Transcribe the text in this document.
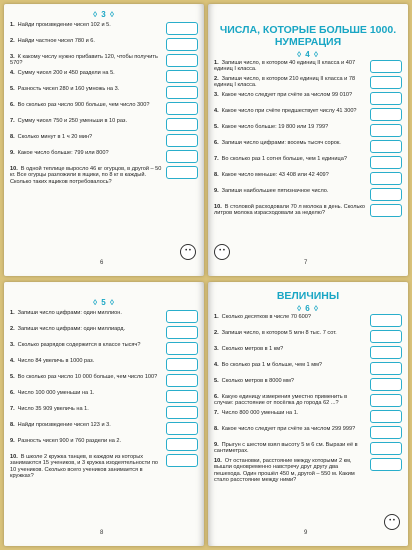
◊ 3 ◊

1. Найди произведение чисел 102 и 5.
2. Найди частное чисел 780 и 6.
3. К какому числу нужно прибавить 120, чтобы получить 570?
4. Сумму чисел 200 и 450 раздели на 5.
5. Разность чисел 280 и 160 умножь на 3.
6. Во сколько раз число 900 больше, чем число 300?
7. Сумму чисел 750 и 250 уменьши в 10 раз.
8. Сколько минут в 1 ч 20 мин?
9. Какое число больше: 799 или 800?
10. В одной теплице выросло 46 кг огурцов, в другой – 50 кг. Все огурцы разложили в ящики, по 8 кг в каждый. Сколько таких ящиков потребовалось?
• •
6

ЧИСЛА, КОТОРЫЕ БОЛЬШЕ 1000. НУМЕРАЦИЯ

◊ 4 ◊

1. Запиши число, в котором 40 единиц II класса и 407 единиц I класса.
2. Запиши число, в котором 210 единиц II класса и 78 единиц I класса.
3. Какое число следует при счёте за числом 99 010?
4. Какое число при счёте предшествует числу 41 300?
5. Какое число больше: 19 800 или 19 799?
6. Запиши число цифрами: восемь тысяч сорок.
7. Во сколько раз 1 сотня больше, чем 1 единица?
8. Какое число меньше: 43 408 или 42 409?
9. Запиши наибольшее пятизначное число.
10. В столовой расходовали 70 л молока в день. Сколько литров молока израсходовали за неделю?
• •
7

◊ 5 ◊

1. Запиши число цифрами: один миллион.
2. Запиши число цифрами: один миллиард.
3. Сколько разрядов содержится в классе тысяч?
4. Число 84 увеличь в 1000 раз.
5. Во сколько раз число 10 000 больше, чем число 100?
6. Число 100 000 уменьши на 1.
7. Число 35 909 увеличь на 1.
8. Найди произведение чисел 123 и 3.
9. Разность чисел 900 и 760 раздели на 2.
10. В школе 2 кружка танцев, в каждом из которых занимаются 15 учеников, и 3 кружка изодеятельности по 10 учеников. Сколько всего учеников занимается в кружках?
8

ВЕЛИЧИНЫ

◊ 6 ◊

1. Сколько десятков в числе 70 600?
2. Запиши число, в котором 5 млн 8 тыс. 7 сот.
3. Сколько метров в 1 км?
4. Во сколько раз 1 м больше, чем 1 мм?
5. Сколько метров в 8000 мм?
6. Какую единицу измерения уместно применить в случае: расстояние от посёлка до города 62 ...?
7. Число 800 000 уменьши на 1.
8. Какое число следует при счёте за числом 299 999?
9. Прыгун с шестом взял высоту 5 м 6 см. Вырази её в сантиметрах.
10. От остановки, расстояние между которыми 2 км, вышли одновременно навстречу друг другу два пешехода. Один прошёл 450 м, другой – 550 м. Каким стало расстояние между ними?
• •
9
